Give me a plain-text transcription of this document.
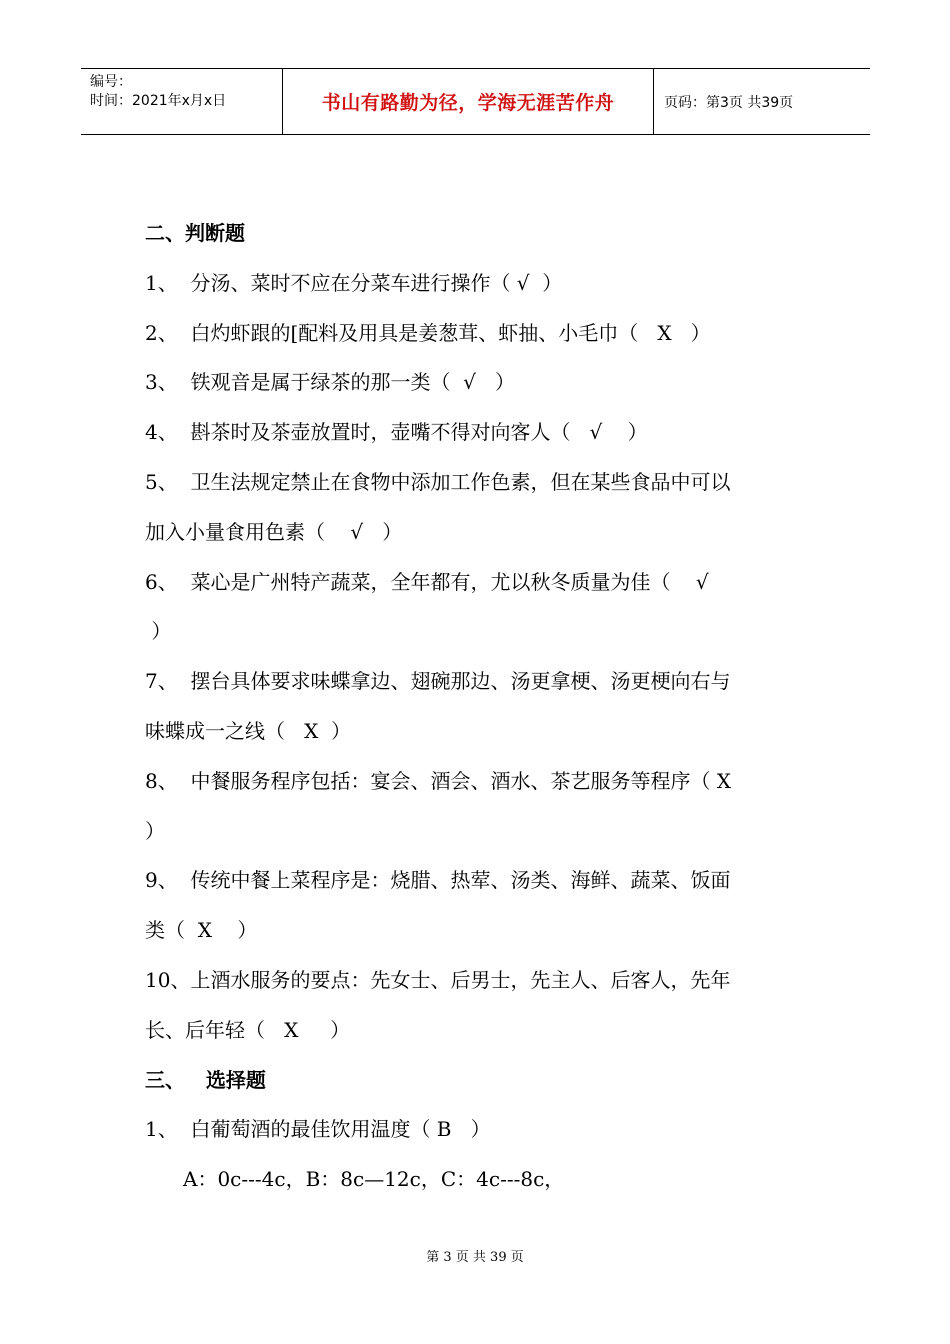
编号：
时间：2021年x月x日	书山有路勤为径，学海无涯苦作舟	页码：第3页 共39页
二、判断题
1、  分汤、菜时不应在分菜车进行操作（ √  ）
2、  白灼虾跟的[配料及用具是姜葱茸、虾抽、小毛巾（   X   ）
3、  铁观音是属于绿茶的那一类（  √   ）
4、  斟茶时及茶壶放置时，壶嘴不得对向客人（   √    ）
5、  卫生法规定禁止在食物中添加工作色素，但在某些食品中可以
加入小量食用色素（    √   ）
6、  菜心是广州特产蔬菜，全年都有，尤以秋冬质量为佳（    √
）
7、  摆台具体要求味蝶拿边、翅碗那边、汤更拿梗、汤更梗向右与
味蝶成一之线（   X  ）
8、  中餐服务程序包括：宴会、酒会、酒水、茶艺服务等程序（ X
）
9、  传统中餐上菜程序是：烧腊、热荤、汤类、海鲜、蔬菜、饭面
类（  X    ）
10、上酒水服务的要点：先女士、后男士，先主人、后客人，先年
长、后年轻（   X     ）
三、   选择题
1、  白葡萄酒的最佳饮用温度（ B   ）
A：0c---4c，B：8c—12c，C：4c---8c，
第 3 页 共 39 页
